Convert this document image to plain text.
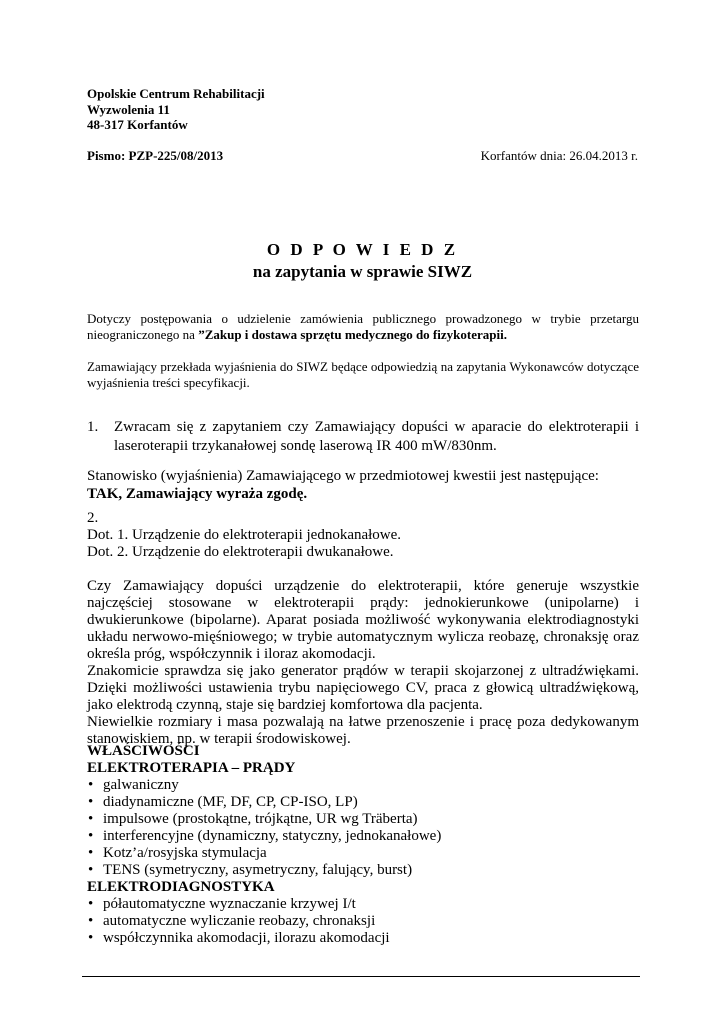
Opolskie Centrum Rehabilitacji
Wyzwolenia 11
48-317 Korfantów
Pismo: PZP-225/08/2013	Korfantów dnia: 26.04.2013 r.
O D P O W I E D Z
na zapytania w sprawie SIWZ
Dotyczy postępowania o udzielenie zamówienia publicznego prowadzonego w trybie przetargu nieograniczonego na ”Zakup i dostawa sprzętu medycznego do fizykoterapii.
Zamawiający przekłada wyjaśnienia do SIWZ będące odpowiedzią na zapytania Wykonawców dotyczące wyjaśnienia treści specyfikacji.
1. Zwracam się z zapytaniem czy Zamawiający dopuści w aparacie do elektroterapii i laseroterapii trzykanałowej sondę laserową IR 400 mW/830nm.
Stanowisko (wyjaśnienia) Zamawiającego w przedmiotowej kwestii jest następujące:
TAK, Zamawiający wyraża zgodę.
2.
Dot. 1. Urządzenie do elektroterapii jednokanałowe.
Dot. 2. Urządzenie do elektroterapii dwukanałowe.
Czy Zamawiający dopuści urządzenie do elektroterapii, które generuje wszystkie najczęściej stosowane w elektroterapii prądy: jednokierunkowe (unipolarne) i dwukierunkowe (bipolarne). Aparat posiada możliwość wykonywania elektrodiagnostyki układu nerwowo-mięśniowego; w trybie automatycznym wylicza reobazę, chronaksję oraz określa próg, współczynnik i iloraz akomodacji.
Znakomicie sprawdza się jako generator prądów w terapii skojarzonej z ultradźwiękami. Dzięki możliwości ustawienia trybu napięciowego CV, praca z głowicą ultradźwiękową, jako elektrodą czynną, staje się bardziej komfortowa dla pacjenta.
Niewielkie rozmiary i masa pozwalają na łatwe przenoszenie i pracę poza dedykowanym stanowiskiem, np. w terapii środowiskowej.
WŁAŚCIWOŚCI
ELEKTROTERAPIA – PRĄDY
• galwaniczny
• diadynamiczne (MF, DF, CP, CP-ISO, LP)
• impulsowe (prostokątne, trójkątne, UR wg Träberta)
• interferencyjne (dynamiczny, statyczny, jednokanałowe)
• Kotz’a/rosyjska stymulacja
• TENS (symetryczny, asymetryczny, falujący, burst)
ELEKTRODIAGNOSTYKA
• półautomatyczne wyznaczanie krzywej I/t
• automatyczne wyliczanie reobazy, chronaksji
• współczynnika akomodacji, ilorazu akomodacji
